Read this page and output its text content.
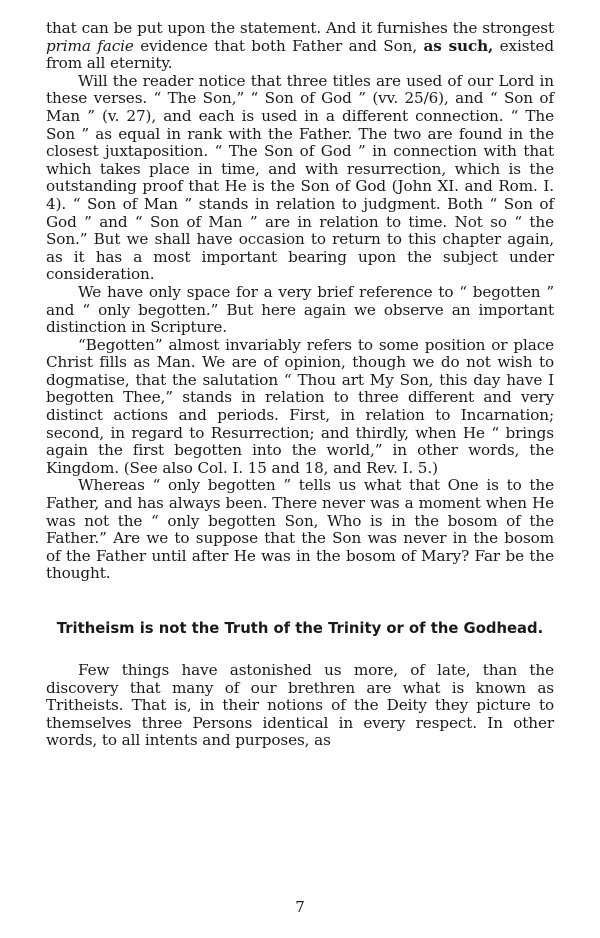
that can be put upon the statement. And it furnishes the strongest prima facie evidence that both Father and Son, as such, existed from all eternity.

Will the reader notice that three titles are used of our Lord in these verses. “ The Son,” “ Son of God ” (vv. 25/6), and “ Son of Man ” (v. 27), and each is used in a different connection. “ The Son ” as equal in rank with the Father. The two are found in the closest juxtaposition. “ The Son of God ” in connection with that which takes place in time, and with resurrection, which is the outstanding proof that He is the Son of God (John XI. and Rom. I. 4). “ Son of Man ” stands in relation to judgment. Both “ Son of God ” and “ Son of Man ” are in relation to time. Not so “ the Son.” But we shall have occasion to return to this chapter again, as it has a most important bearing upon the subject under consideration.

We have only space for a very brief reference to “ begotten ” and “ only begotten.” But here again we observe an important distinction in Scripture.

“Begotten” almost invariably refers to some position or place Christ fills as Man. We are of opinion, though we do not wish to dogmatise, that the salutation “ Thou art My Son, this day have I begotten Thee,” stands in relation to three different and very distinct actions and periods. First, in relation to Incarnation; second, in regard to Resurrection; and thirdly, when He “ brings again the first begotten into the world,” in other words, the Kingdom. (See also Col. I. 15 and 18, and Rev. I. 5.)

Whereas “ only begotten ” tells us what that One is to the Father, and has always been. There never was a moment when He was not the “ only begotten Son, Who is in the bosom of the Father.” Are we to suppose that the Son was never in the bosom of the Father until after He was in the bosom of Mary? Far be the thought.

Tritheism is not the Truth of the Trinity or of the Godhead.

Few things have astonished us more, of late, than the discovery that many of our brethren are what is known as Tritheists. That is, in their notions of the Deity they picture to themselves three Persons identical in every respect. In other words, to all intents and purposes, as

7
